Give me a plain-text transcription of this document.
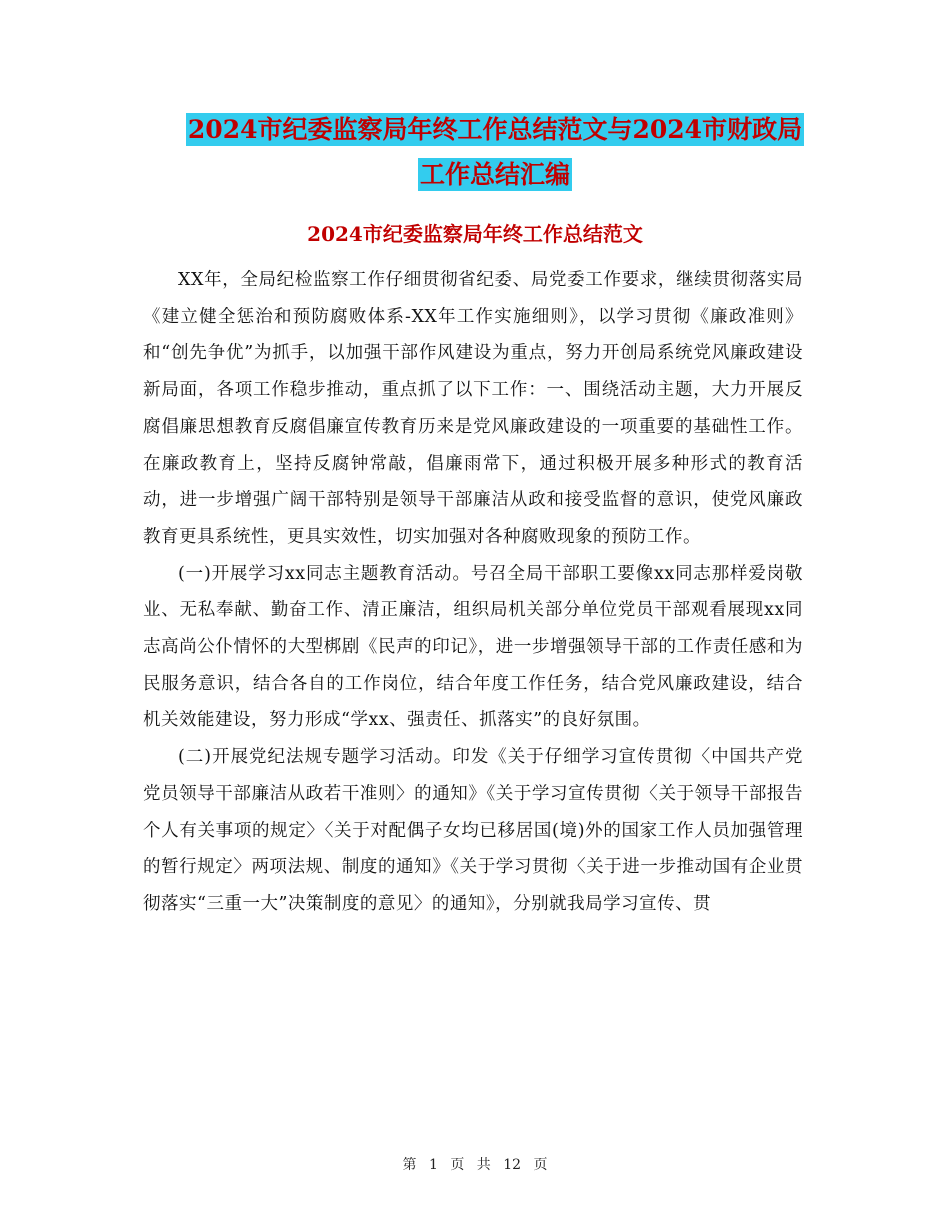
2024市纪委监察局年终工作总结范文与2024市财政局
工作总结汇编
2024市纪委监察局年终工作总结范文

XX年，全局纪检监察工作仔细贯彻省纪委、局党委工作要求，继续贯彻落实局《建立健全惩治和预防腐败体系-XX年工作实施细则》，以学习贯彻《廉政准则》和“创先争优”为抓手，以加强干部作风建设为重点，努力开创局系统党风廉政建设新局面，各项工作稳步推动，重点抓了以下工作：一、围绕活动主题，大力开展反腐倡廉思想教育反腐倡廉宣传教育历来是党风廉政建设的一项重要的基础性工作。在廉政教育上，坚持反腐钟常敲，倡廉雨常下，通过积极开展多种形式的教育活动，进一步增强广阔干部特别是领导干部廉洁从政和接受监督的意识，使党风廉政教育更具系统性，更具实效性，切实加强对各种腐败现象的预防工作。

(一)开展学习xx同志主题教育活动。号召全局干部职工要像xx同志那样爱岗敬业、无私奉献、勤奋工作、清正廉洁，组织局机关部分单位党员干部观看展现xx同志高尚公仆情怀的大型梆剧《民声的印记》，进一步增强领导干部的工作责任感和为民服务意识，结合各自的工作岗位，结合年度工作任务，结合党风廉政建设，结合机关效能建设，努力形成“学xx、强责任、抓落实”的良好氛围。

(二)开展党纪法规专题学习活动。印发《关于仔细学习宣传贯彻〈中国共产党党员领导干部廉洁从政若干准则〉的通知》《关于学习宣传贯彻〈关于领导干部报告个人有关事项的规定〉〈关于对配偶子女均已移居国(境)外的国家工作人员加强管理的暂行规定〉两项法规、制度的通知》《关于学习贯彻〈关于进一步推动国有企业贯彻落实“三重一大”决策制度的意见〉的通知》，分别就我局学习宣传、贯

第 1 页 共 12 页
